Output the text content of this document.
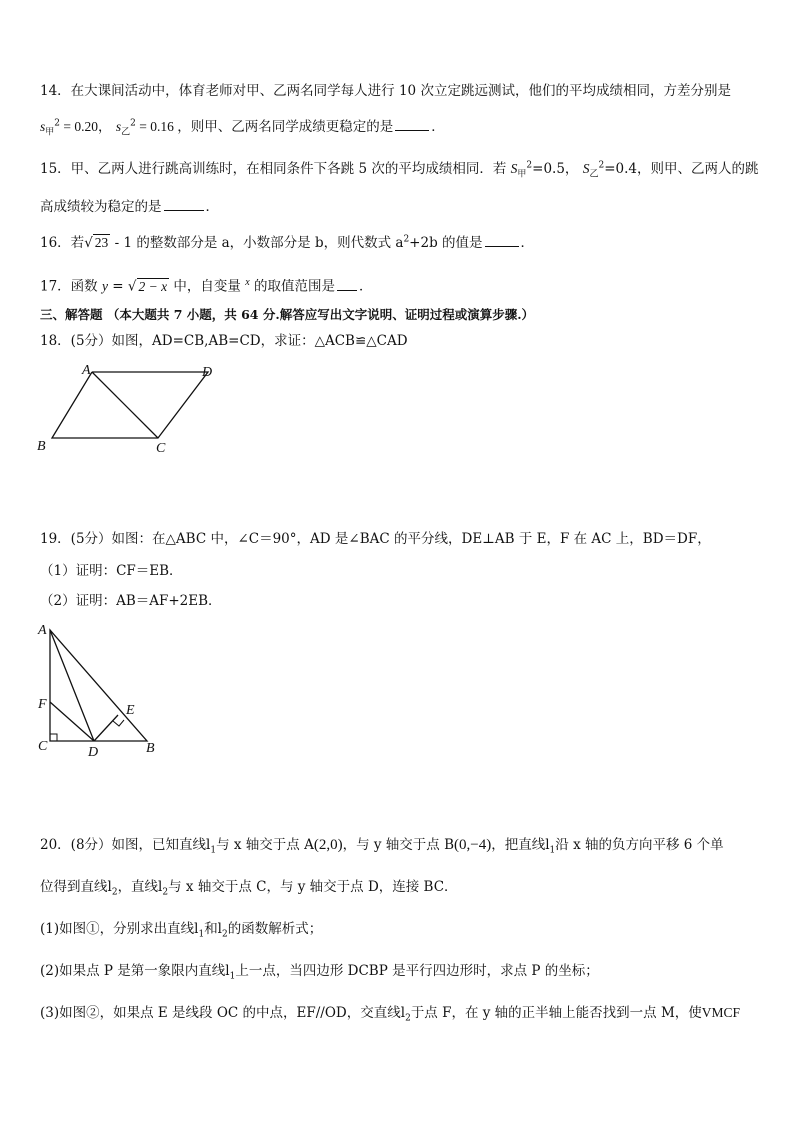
14．在大课间活动中，体育老师对甲、乙两名同学每人进行 10 次立定跳远测试，他们的平均成绩相同，方差分别是
$s_甲^2 = 0.20$， $s_乙^2 = 0.16$ ，则甲、乙两名同学成绩更稳定的是	．
15．甲、乙两人进行跳高训练时，在相同条件下各跳 5 次的平均成绩相同．若 $S_甲^2=0.5$， $S_乙^2=0.4$，则甲、乙两人的跳
高成绩较为稳定的是	．
16．若√ 23 - 1 的整数部分是 a，小数部分是 b，则代数式 $a^2+2b$ 的值是	．
17．函数 y = √ 2 − x 中，自变量 $^x$ 的取值范围是 ．
三、解答题 （本大题共 7 小题，共 64 分.解答应写出文字说明、证明过程或演算步骤.）
18．(5分）如图，AD=CB,AB=CD，求证：△ACB≌△CAD
A	D
B	C
19．(5分）如图：在△ABC 中，∠C＝90°，AD 是∠BAC 的平分线，DE⊥AB 于 E，F 在 AC 上，BD＝DF，
（1）证明：CF＝EB．
（2）证明：AB＝AF+2EB．
A
F
C	D
E
B
20．(8分）如图，已知直线$l_1$与 x 轴交于点 A(2,0)，与 y 轴交于点 B(0,−4)，把直线$l_1$沿 x 轴的负方向平移 6 个单
位得到直线$l_2$，直线$l_2$与 x 轴交于点 C，与 y 轴交于点 D，连接 BC．
(1)如图①，分别求出直线$l_1$和$l_2$的函数解析式；
(2)如果点 P 是第一象限内直线$l_1$上一点，当四边形 DCBP 是平行四边形时，求点 P 的坐标；
(3)如图②，如果点 E 是线段 OC 的中点，EF//OD，交直线$l_2$于点 F，在 y 轴的正半轴上能否找到一点 M，使VMCF
